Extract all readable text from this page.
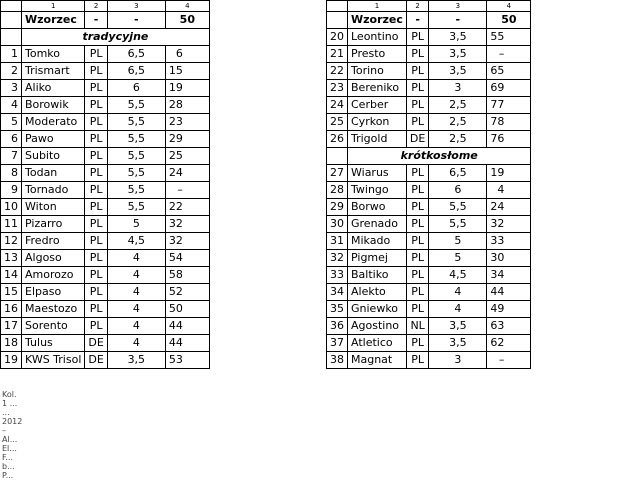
	1	2	3	4
	Wzorzec	-	-	50
	tradycyjne			
1	Tomko	PL	6,5	6
2	Trismart	PL	6,5	15
3	Aliko	PL	6	19
4	Borowik	PL	5,5	28
5	Moderato	PL	5,5	23
6	Pawo	PL	5,5	29
7	Subito	PL	5,5	25
8	Todan	PL	5,5	24
9	Tornado	PL	5,5	–
10	Witon	PL	5,5	22
11	Pizarro	PL	5	32
12	Fredro	PL	4,5	32
13	Algoso	PL	4	54
14	Amorozo	PL	4	58
15	Elpaso	PL	4	52
16	Maestozo	PL	4	50
17	Sorento	PL	4	44
18	Tulus	DE	4	44
19	KWS Trisol	DE	3,5	53

	1	2	3	4
	Wzorzec	-	-	50
20	Leontino	PL	3,5	55
21	Presto	PL	3,5	–
22	Torino	PL	3,5	65
23	Bereniko	PL	3	69
24	Cerber	PL	2,5	77
25	Cyrkon	PL	2,5	78
26	Trigold	DE	2,5	76
	krótkosłome			
27	Wiarus	PL	6,5	19
28	Twingo	PL	6	4
29	Borwo	PL	5,5	24
30	Grenado	PL	5,5	32
31	Mikado	PL	5	33
32	Pigmej	PL	5	30
33	Baltiko	PL	4,5	34
34	Alekto	PL	4	44
35	Gniewko	PL	4	49
36	Agostino	NL	3,5	63
37	Atletico	PL	3,5	62
38	Magnat	PL	3	–
Kol. 1 ... ... 2012 – Al... El... F... b... P...
